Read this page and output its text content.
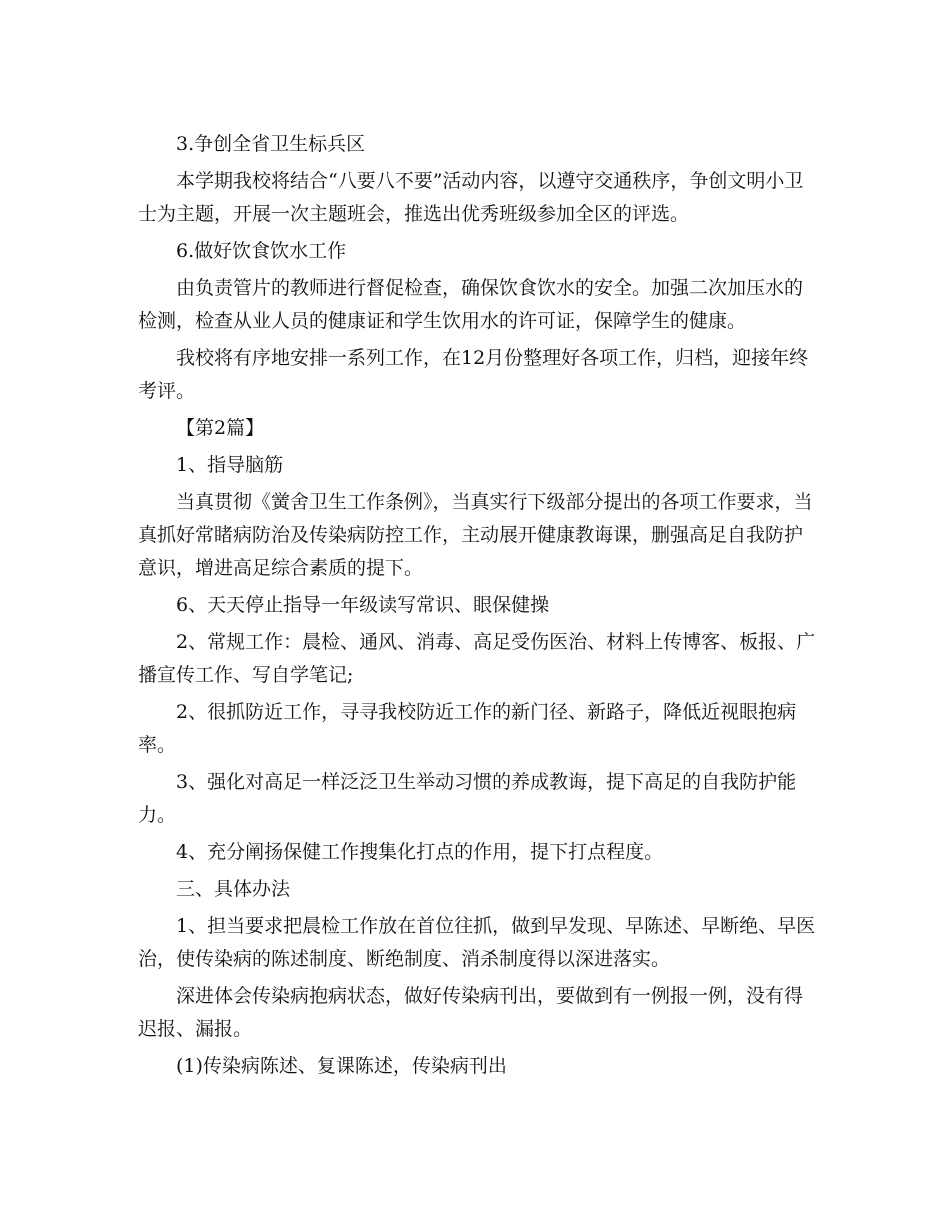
3.争创全省卫生标兵区

本学期我校将结合“八要八不要”活动内容，以遵守交通秩序，争创文明小卫士为主题，开展一次主题班会，推选出优秀班级参加全区的评选。

6.做好饮食饮水工作

由负责管片的教师进行督促检查，确保饮食饮水的安全。加强二次加压水的检测，检查从业人员的健康证和学生饮用水的许可证，保障学生的健康。

我校将有序地安排一系列工作，在12月份整理好各项工作，归档，迎接年终考评。

【第2篇】

1、指导脑筋

当真贯彻《黉舍卫生工作条例》，当真实行下级部分提出的各项工作要求，当真抓好常睹病防治及传染病防控工作，主动展开健康教诲课，删强高足自我防护意识，增进高足综合素质的提下。

6、天天停止指导一年级读写常识、眼保健操

2、常规工作：晨检、通风、消毒、高足受伤医治、材料上传博客、板报、广播宣传工作、写自学笔记;

2、很抓防近工作，寻寻我校防近工作的新门径、新路子，降低近视眼抱病率。

3、强化对高足一样泛泛卫生举动习惯的养成教诲，提下高足的自我防护能力。

4、充分阐扬保健工作搜集化打点的作用，提下打点程度。

三、具体办法

1、担当要求把晨检工作放在首位往抓，做到早发现、早陈述、早断绝、早医治，使传染病的陈述制度、断绝制度、消杀制度得以深进落实。

深进体会传染病抱病状态，做好传染病刊出，要做到有一例报一例，没有得迟报、漏报。

(1)传染病陈述、复课陈述，传染病刊出
